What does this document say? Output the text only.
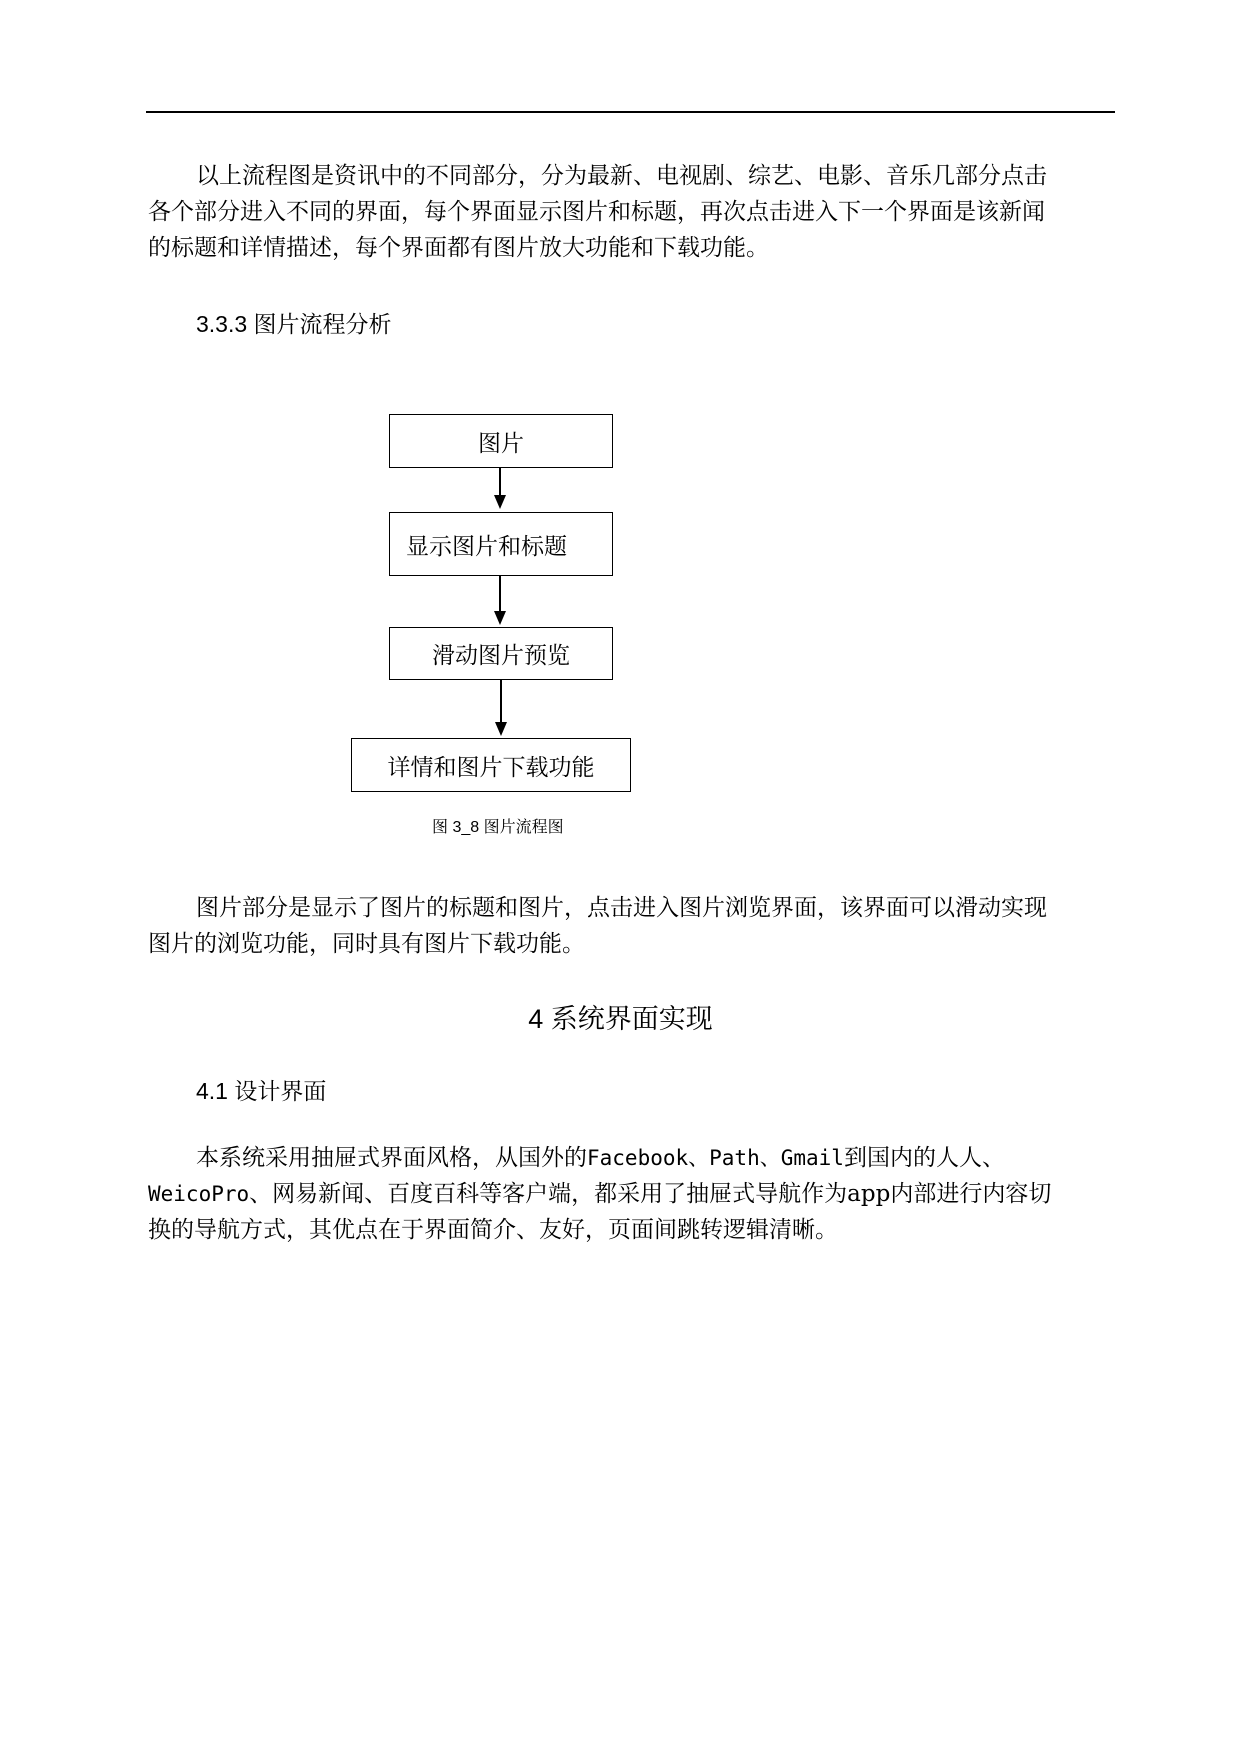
以上流程图是资讯中的不同部分，分为最新、电视剧、综艺、电影、音乐几部分点击
各个部分进入不同的界面，每个界面显示图片和标题，再次点击进入下一个界面是该新闻
的标题和详情描述，每个界面都有图片放大功能和下载功能。

3.3.3 图片流程分析
图片
显示图片和标题
滑动图片预览
详情和图片下载功能
图 3_8 图片流程图

图片部分是显示了图片的标题和图片，点击进入图片浏览界面，该界面可以滑动实现
图片的浏览功能，同时具有图片下载功能。

4 系统界面实现
4.1 设计界面

本系统采用抽屉式界面风格，从国外的Facebook、Path、Gmail到国内的人人、
WeicoPro、网易新闻、百度百科等客户端，都采用了抽屉式导航作为app内部进行内容切
换的导航方式，其优点在于界面简介、友好，页面间跳转逻辑清晰。
